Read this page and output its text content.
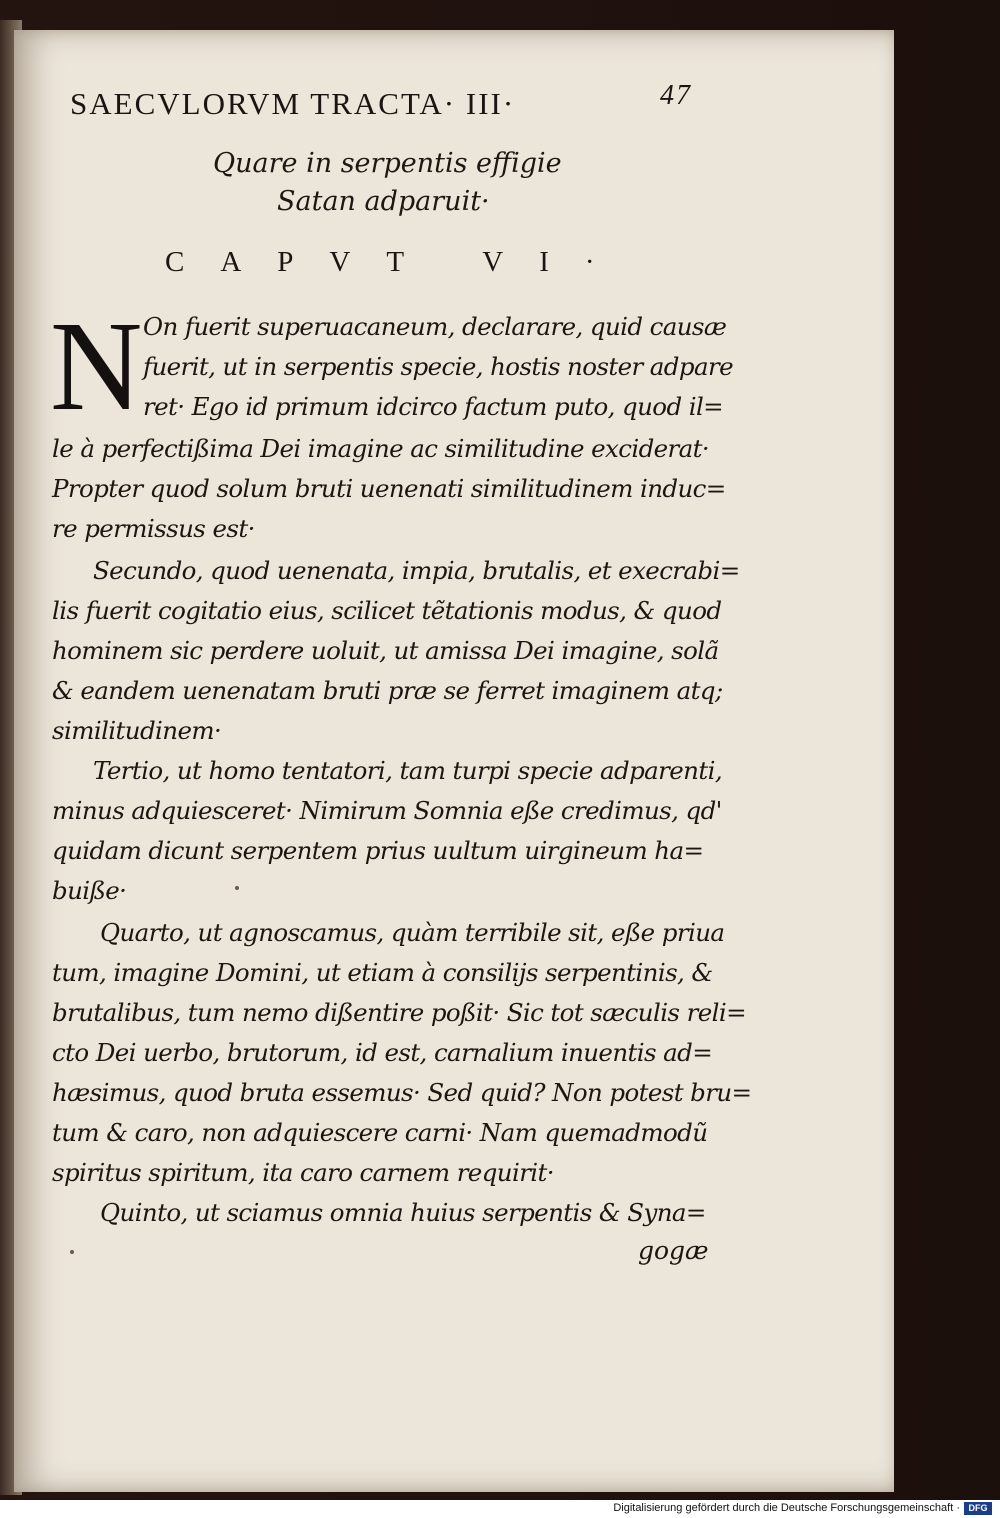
SAECVLORVM TRACTA· III·	47
Quare in serpentis effigie
Satan adparuit·
CAPVT VI·
N On fuerit superuacaneum, declarare, quid causæ
fuerit, ut in serpentis specie, hostis noster adpare
ret· Ego id primum idcirco factum puto, quod il=
le à perfectißima Dei imagine ac similitudine exciderat·
Propter quod solum bruti uenenati similitudinem induc=
re permissus est·
Secundo, quod uenenata, impia, brutalis, et execrabi=
lis fuerit cogitatio eius, scilicet tẽtationis modus, & quod
hominem sic perdere uoluit, ut amissa Dei imagine, solã
& eandem uenenatam bruti præ se ferret imaginem atq;
similitudinem·
Tertio, ut homo tentatori, tam turpi specie adparenti,
minus adquiesceret· Nimirum Somnia eße credimus, qd'
quidam dicunt serpentem prius uultum uirgineum ha=
buiße·
Quarto, ut agnoscamus, quàm terribile sit, eße priua
tum, imagine Domini, ut etiam à consilijs serpentinis, &
brutalibus, tum nemo dißentire poßit· Sic tot sæculis reli=
cto Dei uerbo, brutorum, id est, carnalium inuentis ad=
hæsimus, quod bruta essemus· Sed quid? Non potest bru=
tum & caro, non adquiescere carni· Nam quemadmodũ
spiritus spiritum, ita caro carnem requirit·
Quinto, ut sciamus omnia huius serpentis & Syna=
gogæ
Digitalisierung gefördert durch die Deutsche Forschungsgemeinschaft · DFG
